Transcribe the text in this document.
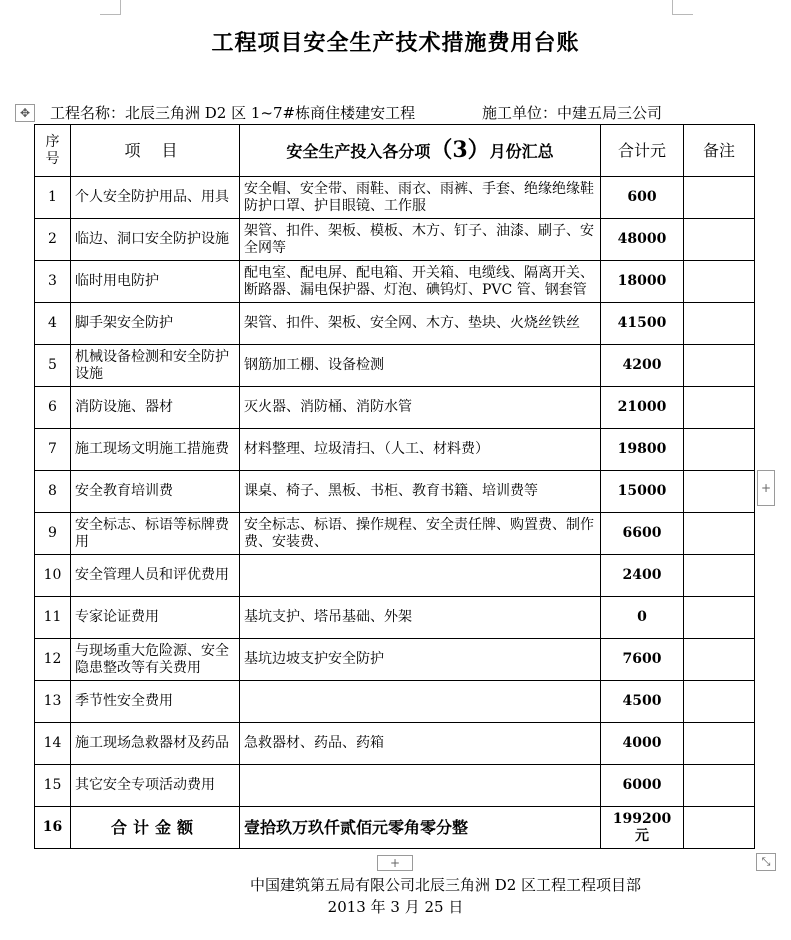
工程项目安全生产技术措施费用台账
✥	工程名称：北辰三角洲 D2 区 1~7#栋商住楼建安工程	施工单位：中建五局三公司
序号	项 目	安全生产投入各分项（3）月份汇总	合计元	备注
1	个人安全防护用品、用具	安全帽、安全带、雨鞋、雨衣、雨裤、手套、绝缘绝缘鞋防护口罩、护目眼镜、工作服	600	
2	临边、洞口安全防护设施	架管、扣件、架板、模板、木方、钉子、油漆、刷子、安全网等	48000	
3	临时用电防护	配电室、配电屏、配电箱、开关箱、电缆线、隔离开关、断路器、漏电保护器、灯泡、碘钨灯、PVC 管、钢套管	18000	
4	脚手架安全防护	架管、扣件、架板、安全网、木方、垫块、火烧丝铁丝	41500	
5	机械设备检测和安全防护设施	钢筋加工棚、设备检测	4200	
6	消防设施、器材	灭火器、消防桶、消防水管	21000	
7	施工现场文明施工措施费	材料整理、垃圾清扫、（人工、材料费）	19800	
8	安全教育培训费	课桌、椅子、黑板、书柜、教育书籍、培训费等	15000	
9	安全标志、标语等标牌费用	安全标志、标语、操作规程、安全责任牌、购置费、制作费、安装费、	6600	
10	安全管理人员和评优费用		2400	
11	专家论证费用	基坑支护、塔吊基础、外架	0	
12	与现场重大危险源、安全隐患整改等有关费用	基坑边坡支护安全防护	7600	
13	季节性安全费用		4500	
14	施工现场急救器材及药品	急救器材、药品、药箱	4000	
15	其它安全专项活动费用		6000	
16	合计金额	壹拾玖万玖仟贰佰元零角零分整	199200 元	
+
+	⤡
中国建筑第五局有限公司北辰三角洲 D2 区工程工程项目部
2013 年 3 月 25 日
